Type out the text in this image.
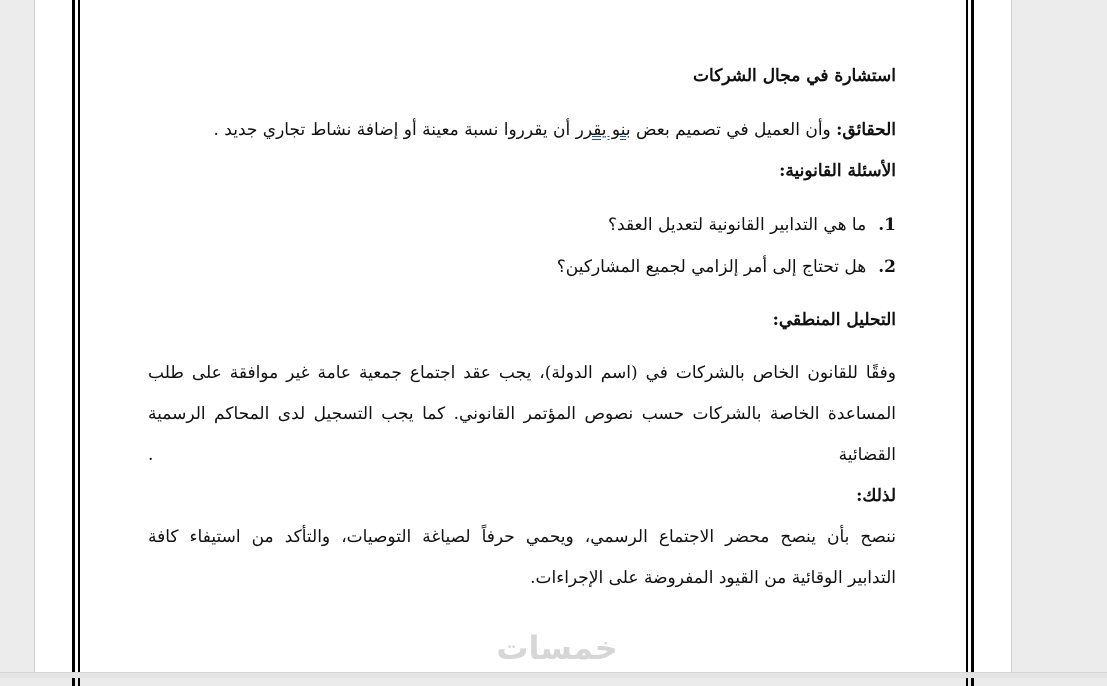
استشارة في مجال الشركات
الحقائق: وأن العميل في تصميم بعض بنو يقرر أن يقرروا نسبة معينة أو إضافة نشاط تجاري جديد .
الأسئلة القانونية:
1.ما هي التدابير القانونية لتعديل العقد؟
2.هل تحتاج إلى أمر إلزامي لجميع المشاركين؟
التحليل المنطقي:
وفقًا للقانون الخاص بالشركات في (اسم الدولة)، يجب عقد اجتماع جمعية عامة غير موافقة على طلب
المساعدة الخاصة بالشركات حسب نصوص المؤتمر القانوني. كما يجب التسجيل لدى المحاكم الرسمية
القضائية
.
لذلك:
ننصح بأن ينصح محضر الاجتماع الرسمي، ويحمي حرفاً لصياغة التوصيات، والتأكد من استيفاء كافة
التدابير الوقائية من القيود المفروضة على الإجراءات.
خمسات
